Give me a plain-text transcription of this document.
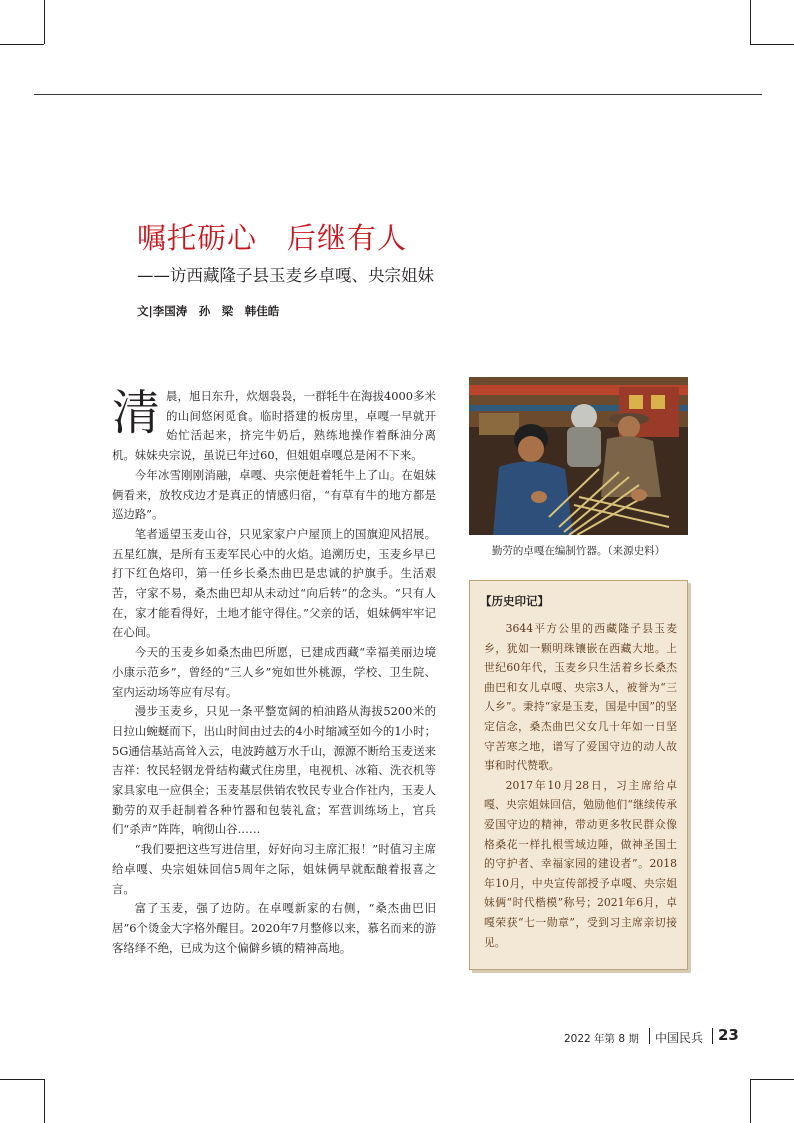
嘱托砺心　后继有人
——访西藏隆子县玉麦乡卓嘎、央宗姐妹
文|李国涛　孙　梁　韩佳皓

清晨，旭日东升，炊烟袅袅，一群牦牛在海拔4000多米的山间悠闲觅食。临时搭建的板房里，卓嘎一早就开始忙活起来，挤完牛奶后，熟练地操作着酥油分离机。妹妹央宗说，虽说已年过60，但姐姐卓嘎总是闲不下来。

今年冰雪刚刚消融，卓嘎、央宗便赶着牦牛上了山。在姐妹俩看来，放牧戍边才是真正的情感归宿，“有草有牛的地方都是巡边路”。

笔者遥望玉麦山谷，只见家家户户屋顶上的国旗迎风招展。五星红旗，是所有玉麦军民心中的火焰。追溯历史，玉麦乡早已打下红色烙印，第一任乡长桑杰曲巴是忠诚的护旗手。生活艰苦，守家不易，桑杰曲巴却从未动过“向后转”的念头。“只有人在，家才能看得好，土地才能守得住。”父亲的话，姐妹俩牢牢记在心间。

今天的玉麦乡如桑杰曲巴所愿，已建成西藏“幸福美丽边境小康示范乡”，曾经的“三人乡”宛如世外桃源，学校、卫生院、室内运动场等应有尽有。

漫步玉麦乡，只见一条平整宽阔的柏油路从海拔5200米的日拉山蜿蜒而下，出山时间由过去的4小时缩减至如今的1小时；5G通信基站高耸入云，电波跨越万水千山，源源不断给玉麦送来吉祥：牧民轻钢龙骨结构藏式住房里，电视机、冰箱、洗衣机等家具家电一应俱全；玉麦基层供销农牧民专业合作社内，玉麦人勤劳的双手赶制着各种竹器和包装礼盒；军营训练场上，官兵们“杀声”阵阵，响彻山谷……

“我们要把这些写进信里，好好向习主席汇报！”时值习主席给卓嘎、央宗姐妹回信5周年之际，姐妹俩早就酝酿着报喜之言。

富了玉麦，强了边防。在卓嘎新家的右侧，“桑杰曲巴旧居”6个烫金大字格外醒目。2020年7月整修以来，慕名而来的游客络绎不绝，已成为这个偏僻乡镇的精神高地。

勤劳的卓嘎在编制竹器。（来源史料）
【历史印记】

3644平方公里的西藏隆子县玉麦乡，犹如一颗明珠镶嵌在西藏大地。上世纪60年代，玉麦乡只生活着乡长桑杰曲巴和女儿卓嘎、央宗3人，被誉为“三人乡”。秉持“家是玉麦，国是中国”的坚定信念，桑杰曲巴父女几十年如一日坚守苦寒之地，谱写了爱国守边的动人故事和时代赞歌。

2017年10月28日，习主席给卓嘎、央宗姐妹回信，勉励他们“继续传承爱国守边的精神，带动更多牧民群众像格桑花一样扎根雪域边陲，做神圣国土的守护者、幸福家园的建设者”。2018年10月，中央宣传部授予卓嘎、央宗姐妹俩“时代楷模”称号；2021年6月，卓嘎荣获“七一勋章”，受到习主席亲切接见。

2022 年第 8 期 中国民兵 23
